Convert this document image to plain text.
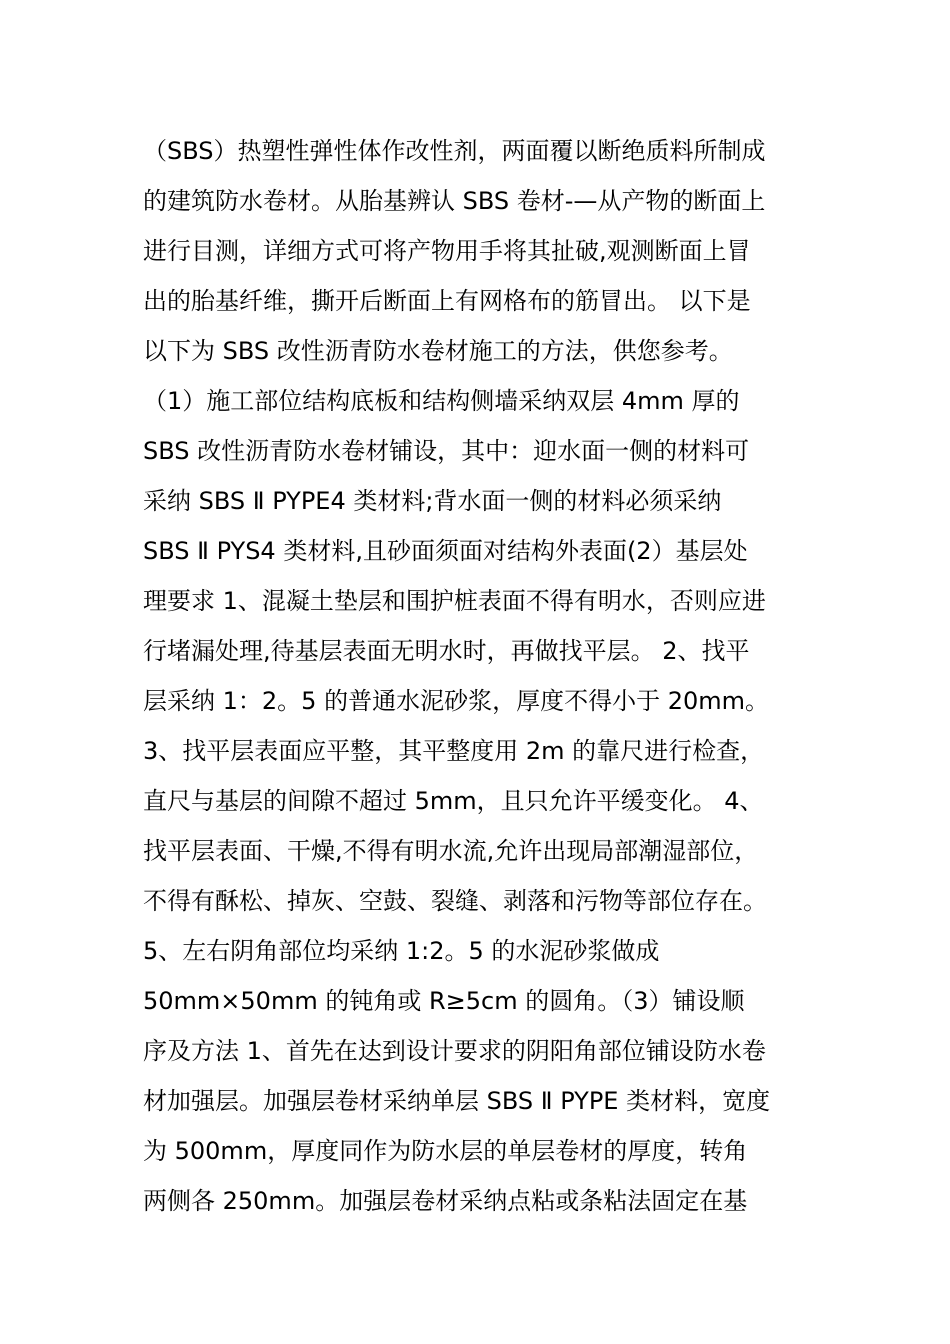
（SBS）热塑性弹性体作改性剂，两面覆以断绝质料所制成
的建筑防水卷材。从胎基辨认 SBS 卷材-—从产物的断面上
进行目测，详细方式可将产物用手将其扯破,观测断面上冒
出的胎基纤维，撕开后断面上有网格布的筋冒出。 以下是
以下为 SBS 改性沥青防水卷材施工的方法，供您参考。
（1）施工部位结构底板和结构侧墙采纳双层 4mm 厚的
SBS 改性沥青防水卷材铺设，其中：迎水面一侧的材料可
采纳 SBS Ⅱ PYPE4 类材料;背水面一侧的材料必须采纳
SBS Ⅱ PYS4 类材料,且砂面须面对结构外表面(2）基层处
理要求 1、混凝土垫层和围护桩表面不得有明水，否则应进
行堵漏处理,待基层表面无明水时，再做找平层。 2、找平
层采纳 1：2。5 的普通水泥砂浆，厚度不得小于 20mm。
3、找平层表面应平整，其平整度用 2m 的靠尺进行检查，
直尺与基层的间隙不超过 5mm，且只允许平缓变化。 4、
找平层表面、干燥,不得有明水流,允许出现局部潮湿部位，
不得有酥松、掉灰、空鼓、裂缝、剥落和污物等部位存在。
5、左右阴角部位均采纳 1:2。5 的水泥砂浆做成
50mm×50mm 的钝角或 R≥5cm 的圆角。（3）铺设顺
序及方法 1、首先在达到设计要求的阴阳角部位铺设防水卷
材加强层。加强层卷材采纳单层 SBS Ⅱ PYPE 类材料，宽度
为 500mm，厚度同作为防水层的单层卷材的厚度，转角
两侧各 250mm。加强层卷材采纳点粘或条粘法固定在基
